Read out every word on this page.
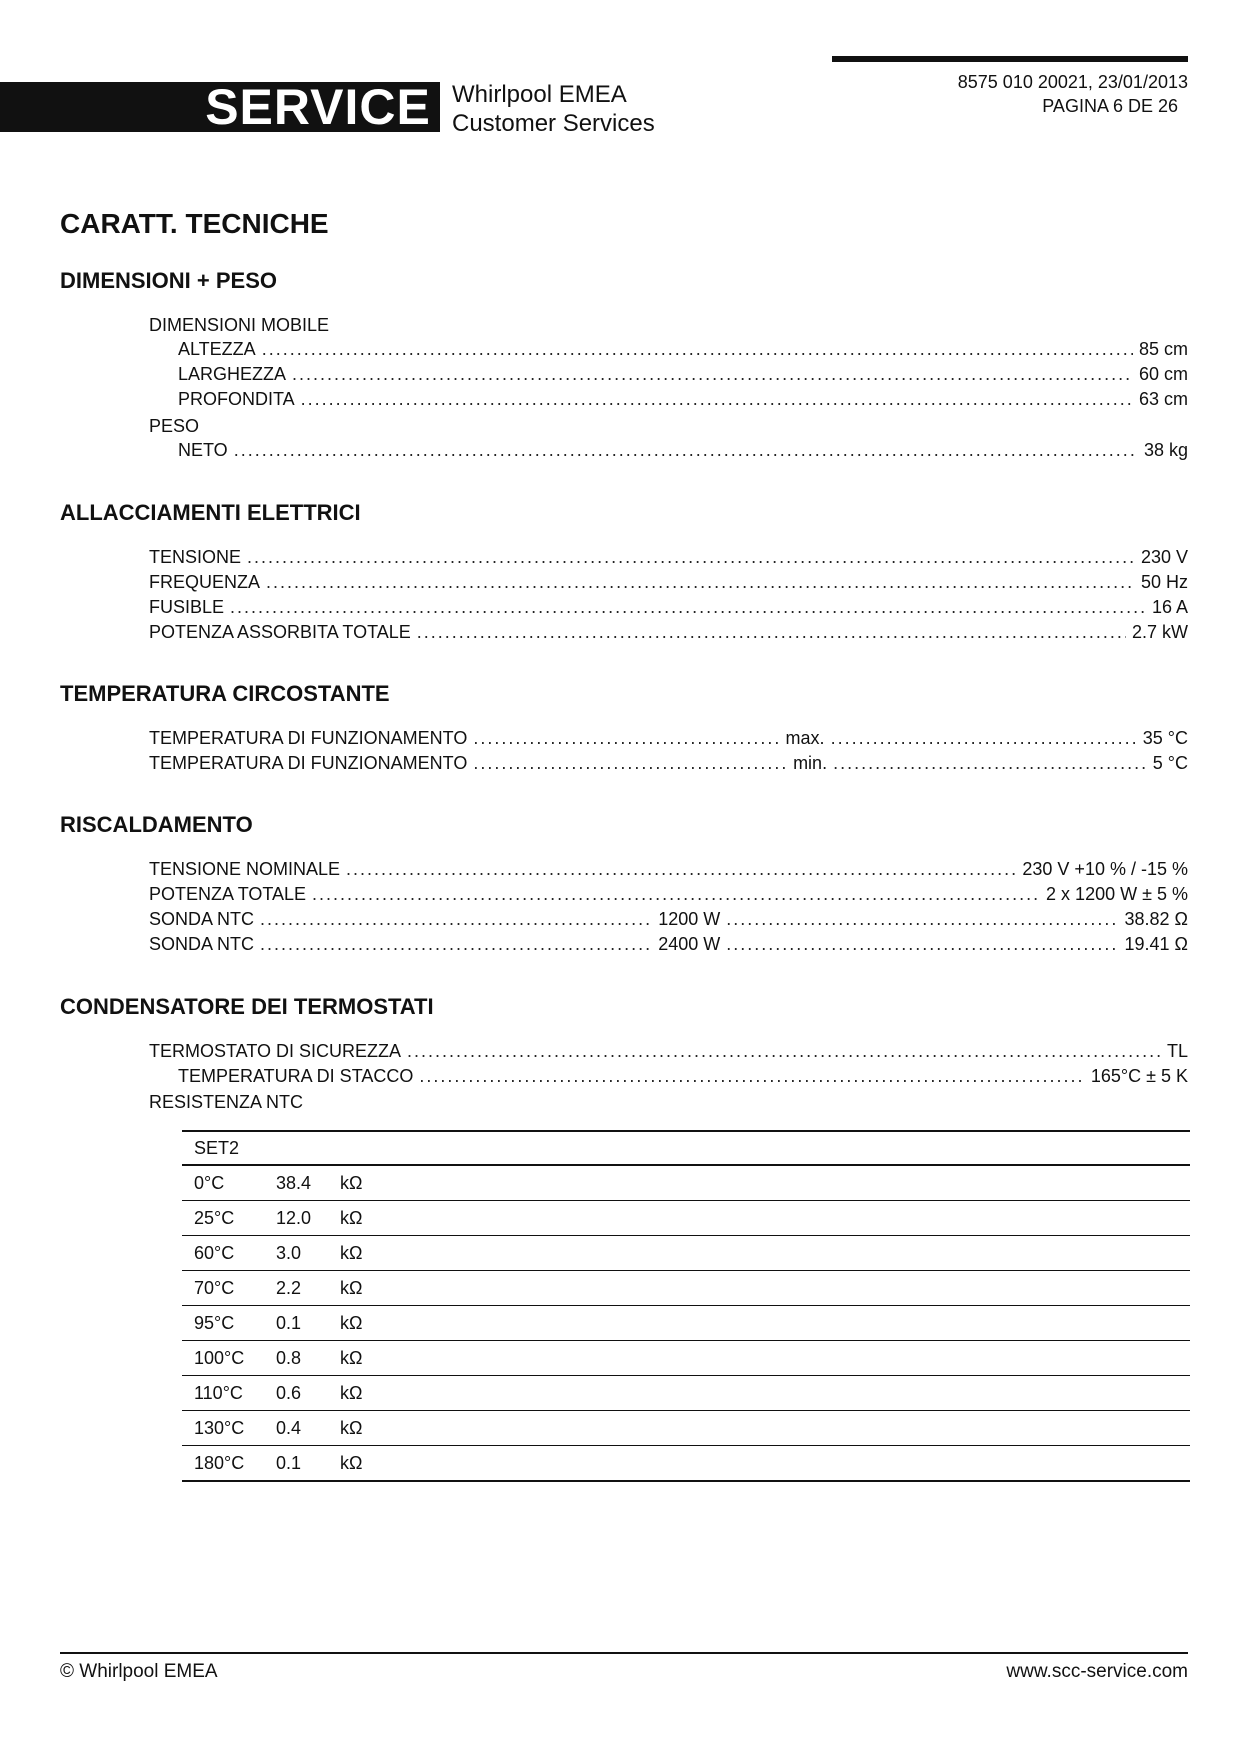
SERVICE Whirlpool EMEA
Customer Services
8575 010 20021, 23/01/2013
PAGINA 6 DE 26
CARATT. TECNICHE
DIMENSIONI + PESO
DIMENSIONI MOBILE
ALTEZZA .....	85 cm
LARGHEZZA .....	60 cm
PROFONDITA .....	63 cm
PESO
NETO .....	38 kg
ALLACCIAMENTI ELETTRICI
TENSIONE .....	230 V
FREQUENZA .....	50 Hz
FUSIBLE .....	16 A
POTENZA ASSORBITA TOTALE .....	2.7 kW
TEMPERATURA CIRCOSTANTE
TEMPERATURA DI FUNZIONAMENTO .....	max. .....	35 °C
TEMPERATURA DI FUNZIONAMENTO .....	min. .....	5 °C
RISCALDAMENTO
TENSIONE NOMINALE .....	230 V +10 % / -15 %
POTENZA TOTALE .....	2 x 1200 W ± 5 %
SONDA NTC .....	1200 W .....	38.82 Ω
SONDA NTC .....	2400 W .....	19.41 Ω
CONDENSATORE DEI TERMOSTATI
TERMOSTATO DI SICUREZZA .....	TL
TEMPERATURA DI STACCO .....	165°C ± 5 K
RESISTENZA NTC
SET2			
0°C	38.4	kΩ	
25°C	12.0	kΩ	
60°C	3.0	kΩ	
70°C	2.2	kΩ	
95°C	0.1	kΩ	
100°C	0.8	kΩ	
110°C	0.6	kΩ	
130°C	0.4	kΩ	
180°C	0.1	kΩ	
© Whirlpool EMEA	www.scc-service.com
